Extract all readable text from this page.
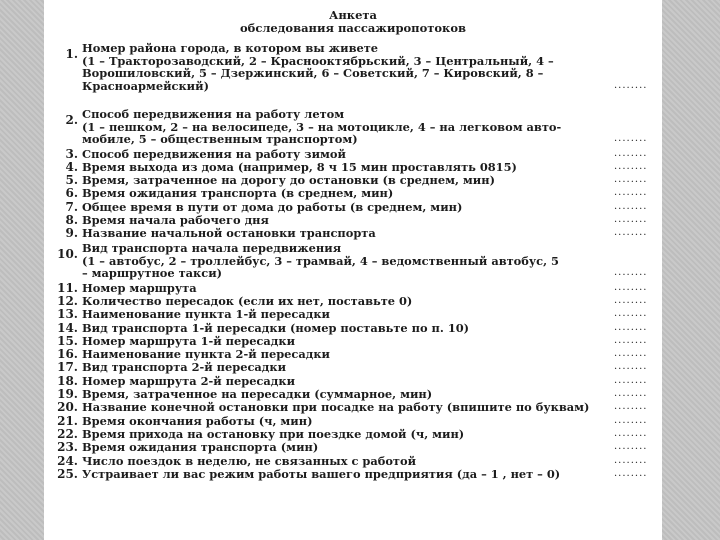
Анкета
обследования пассажиропотоков
1. Номер района города, в котором вы живете
(1 – Тракторозаводский, 2 – Краснооктябрьский, 3 – Центральный, 4 –
Ворошиловский, 5 – Дзержинский, 6 – Советский, 7 – Кировский, 8 –
Красноармейский)	........
2. Способ передвижения на работу летом
(1 – пешком, 2 – на велосипеде, 3 – на мотоцикле, 4 – на легковом авто-
мобиле, 5 – общественным транспортом)	........
3. Способ передвижения на работу зимой	........
4. Время выхода из дома (например, 8 ч 15 мин проставлять 0815)	........
5. Время, затраченное на дорогу до остановки (в среднем, мин)	........
6. Время ожидания транспорта (в среднем, мин)	........
7. Общее время в пути от дома до работы (в среднем, мин)	........
8. Время начала рабочего дня	........
9. Название начальной остановки транспорта	........
10. Вид транспорта начала передвижения
(1 – автобус, 2 – троллейбус, 3 – трамвай, 4 – ведомственный автобус, 5
– маршрутное такси)	........
11. Номер маршрута	........
12. Количество пересадок (если их нет, поставьте 0)	........
13. Наименование пункта 1-й пересадки	........
14. Вид транспорта 1-й пересадки (номер поставьте по п. 10)	........
15. Номер маршрута 1-й пересадки	........
16. Наименование пункта 2-й пересадки	........
17. Вид транспорта 2-й пересадки	........
18. Номер маршрута 2-й пересадки	........
19. Время, затраченное на пересадки (суммарное, мин)	........
20. Название конечной остановки при посадке на работу (впишите по буквам)	........
21. Время окончания работы (ч, мин)	........
22. Время прихода на остановку при поездке домой (ч, мин)	........
23. Время ожидания транспорта (мин)	........
24. Число поездок в неделю, не связанных с работой	........
25. Устраивает ли вас режим работы вашего предприятия (да – 1 , нет – 0)	........
